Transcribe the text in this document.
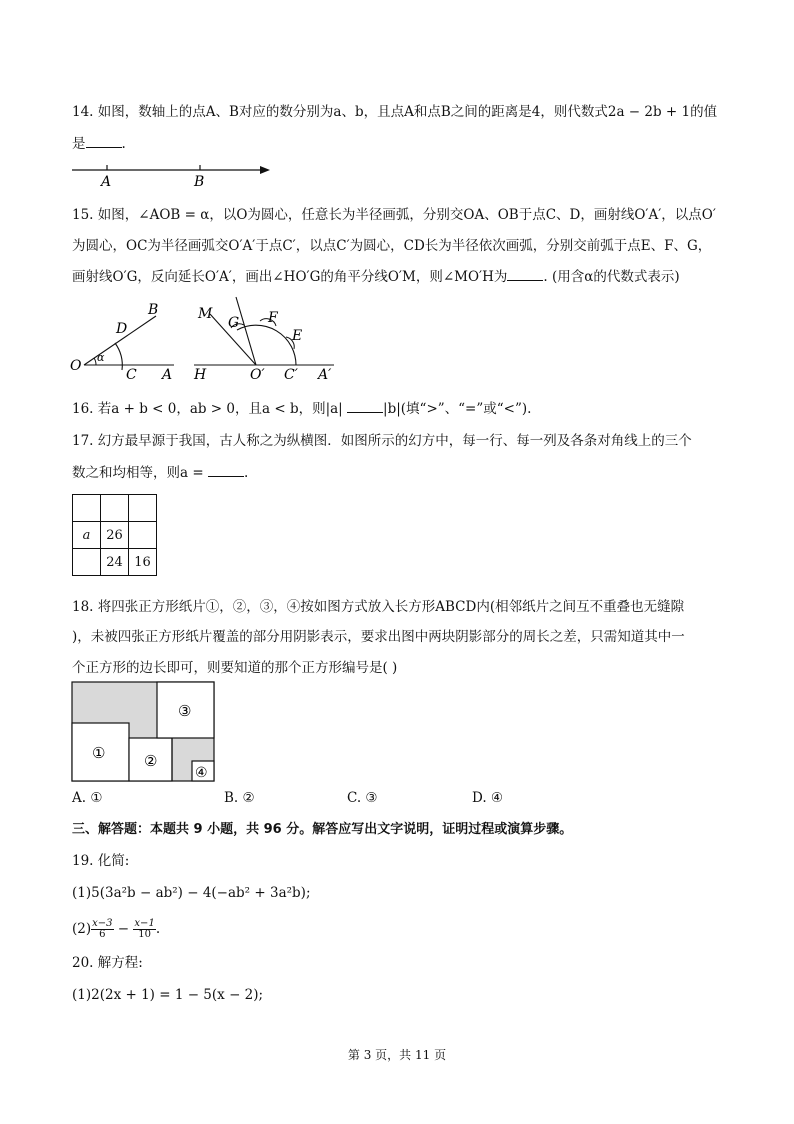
14. 如图，数轴上的点A、B对应的数分别为a、b，且点A和点B之间的距离是4，则代数式2a − 2b + 1的值
是	.
A	B
15. 如图，∠AOB = α，以O为圆心，任意长为半径画弧，分别交OA、OB于点C、D，画射线O′A′，以点O′
为圆心，OC为半径画弧交O′A′于点C′，以点C′为圆心，CD长为半径依次画弧，分别交前弧于点E、F、G，
画射线O′G，反向延长O′A′，画出∠HO′G的角平分线O′M，则∠MO′H为	. (用含α的代数式表示)
O
α
D
B
C A
M
G F
E
H	O′ C′ A′
16. 若a + b < 0，ab > 0，且a < b，则|a|	|b|(填“>”、“=”或“<”).
17. 幻方最早源于我国，古人称之为纵横图．如图所示的幻方中，每一行、每一列及各条对角线上的三个
数之和均相等，则a =	.

a	26	
	24	16
18. 将四张正方形纸片①，②，③，④按如图方式放入长方形ABCD内(相邻纸片之间互不重叠也无缝隙
)，未被四张正方形纸片覆盖的部分用阴影表示，要求出图中两块阴影部分的周长之差，只需知道其中一
个正方形的边长即可，则要知道的那个正方形编号是( )
①	②
③
④
A. ①	B. ②	C. ③	D. ④
三、解答题：本题共 9 小题，共 96 分。解答应写出文字说明，证明过程或演算步骤。
19. 化简:
(1)5(3a²b − ab²) − 4(−ab² + 3a²b);
$(2) \frac{x-3}{6} - \frac{x-1}{10}$ .
20. 解方程:
(1)2(2x + 1) = 1 − 5(x − 2);
第 3 页，共 11 页
